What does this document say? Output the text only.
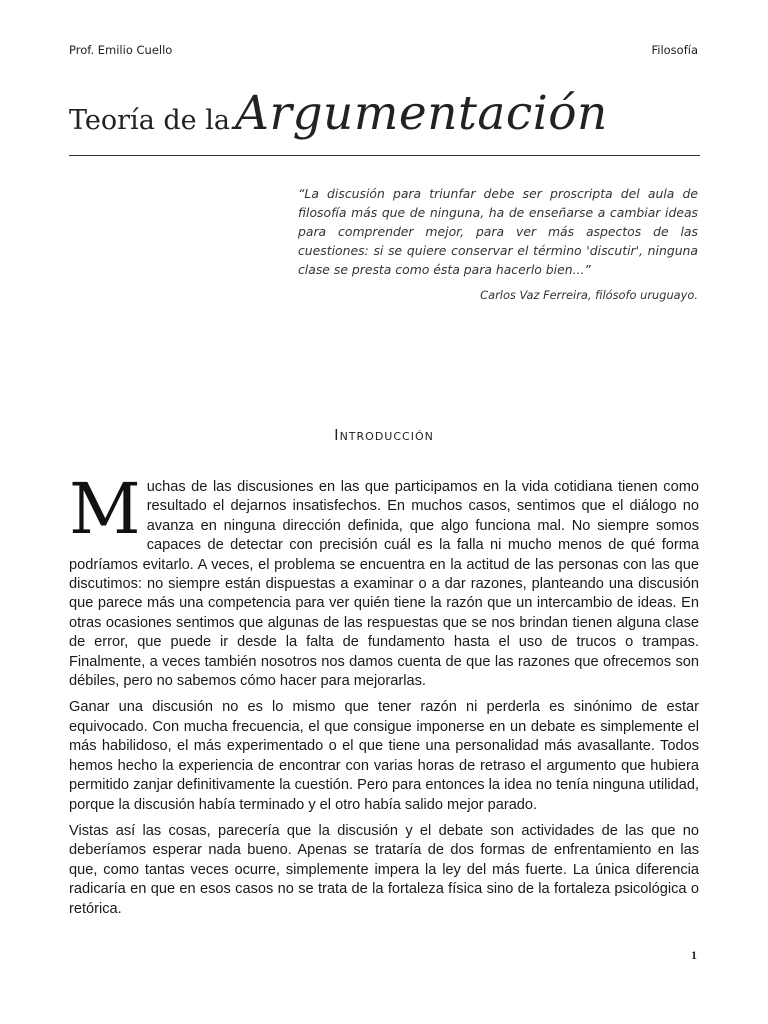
Prof. Emilio Cuello	Filosofía
Teoría de la Argumentación
“La discusión para triunfar debe ser proscripta del aula de filosofía más que de ninguna, ha de enseñarse a cambiar ideas para comprender mejor, para ver más aspectos de las cuestiones: si se quiere conservar el término 'discutir', ninguna clase se presta como ésta para hacerlo bien...”
Carlos Vaz Ferreira, filósofo uruguayo.
Introducción

Muchas de las discusiones en las que participamos en la vida cotidiana tienen como resultado el dejarnos insatisfechos. En muchos casos, sentimos que el diálogo no avanza en ninguna dirección definida, que algo funciona mal. No siempre somos capaces de detectar con precisión cuál es la falla ni mucho menos de qué forma podríamos evitarlo. A veces, el problema se encuentra en la actitud de las personas con las que discutimos: no siempre están dispuestas a examinar o a dar razones, planteando una discusión que parece más una competencia para ver quién tiene la razón que un intercambio de ideas. En otras ocasiones sentimos que algunas de las respuestas que se nos brindan tienen alguna clase de error, que puede ir desde la falta de fundamento hasta el uso de trucos o trampas. Finalmente, a veces también nosotros nos damos cuenta de que las razones que ofrecemos son débiles, pero no sabemos cómo hacer para mejorarlas.

Ganar una discusión no es lo mismo que tener razón ni perderla es sinónimo de estar equivocado. Con mucha frecuencia, el que consigue imponerse en un debate es simplemente el más habilidoso, el más experimentado o el que tiene una personalidad más avasallante. Todos hemos hecho la experiencia de encontrar con varias horas de retraso el argumento que hubiera permitido zanjar definitivamente la cuestión. Pero para entonces la idea no tenía ninguna utilidad, porque la discusión había terminado y el otro había salido mejor parado.

Vistas así las cosas, parecería que la discusión y el debate son actividades de las que no deberíamos esperar nada bueno. Apenas se trataría de dos formas de enfrentamiento en las que, como tantas veces ocurre, simplemente impera la ley del más fuerte. La única diferencia radicaría en que en esos casos no se trata de la fortaleza física sino de la fortaleza psicológica o retórica.

1
